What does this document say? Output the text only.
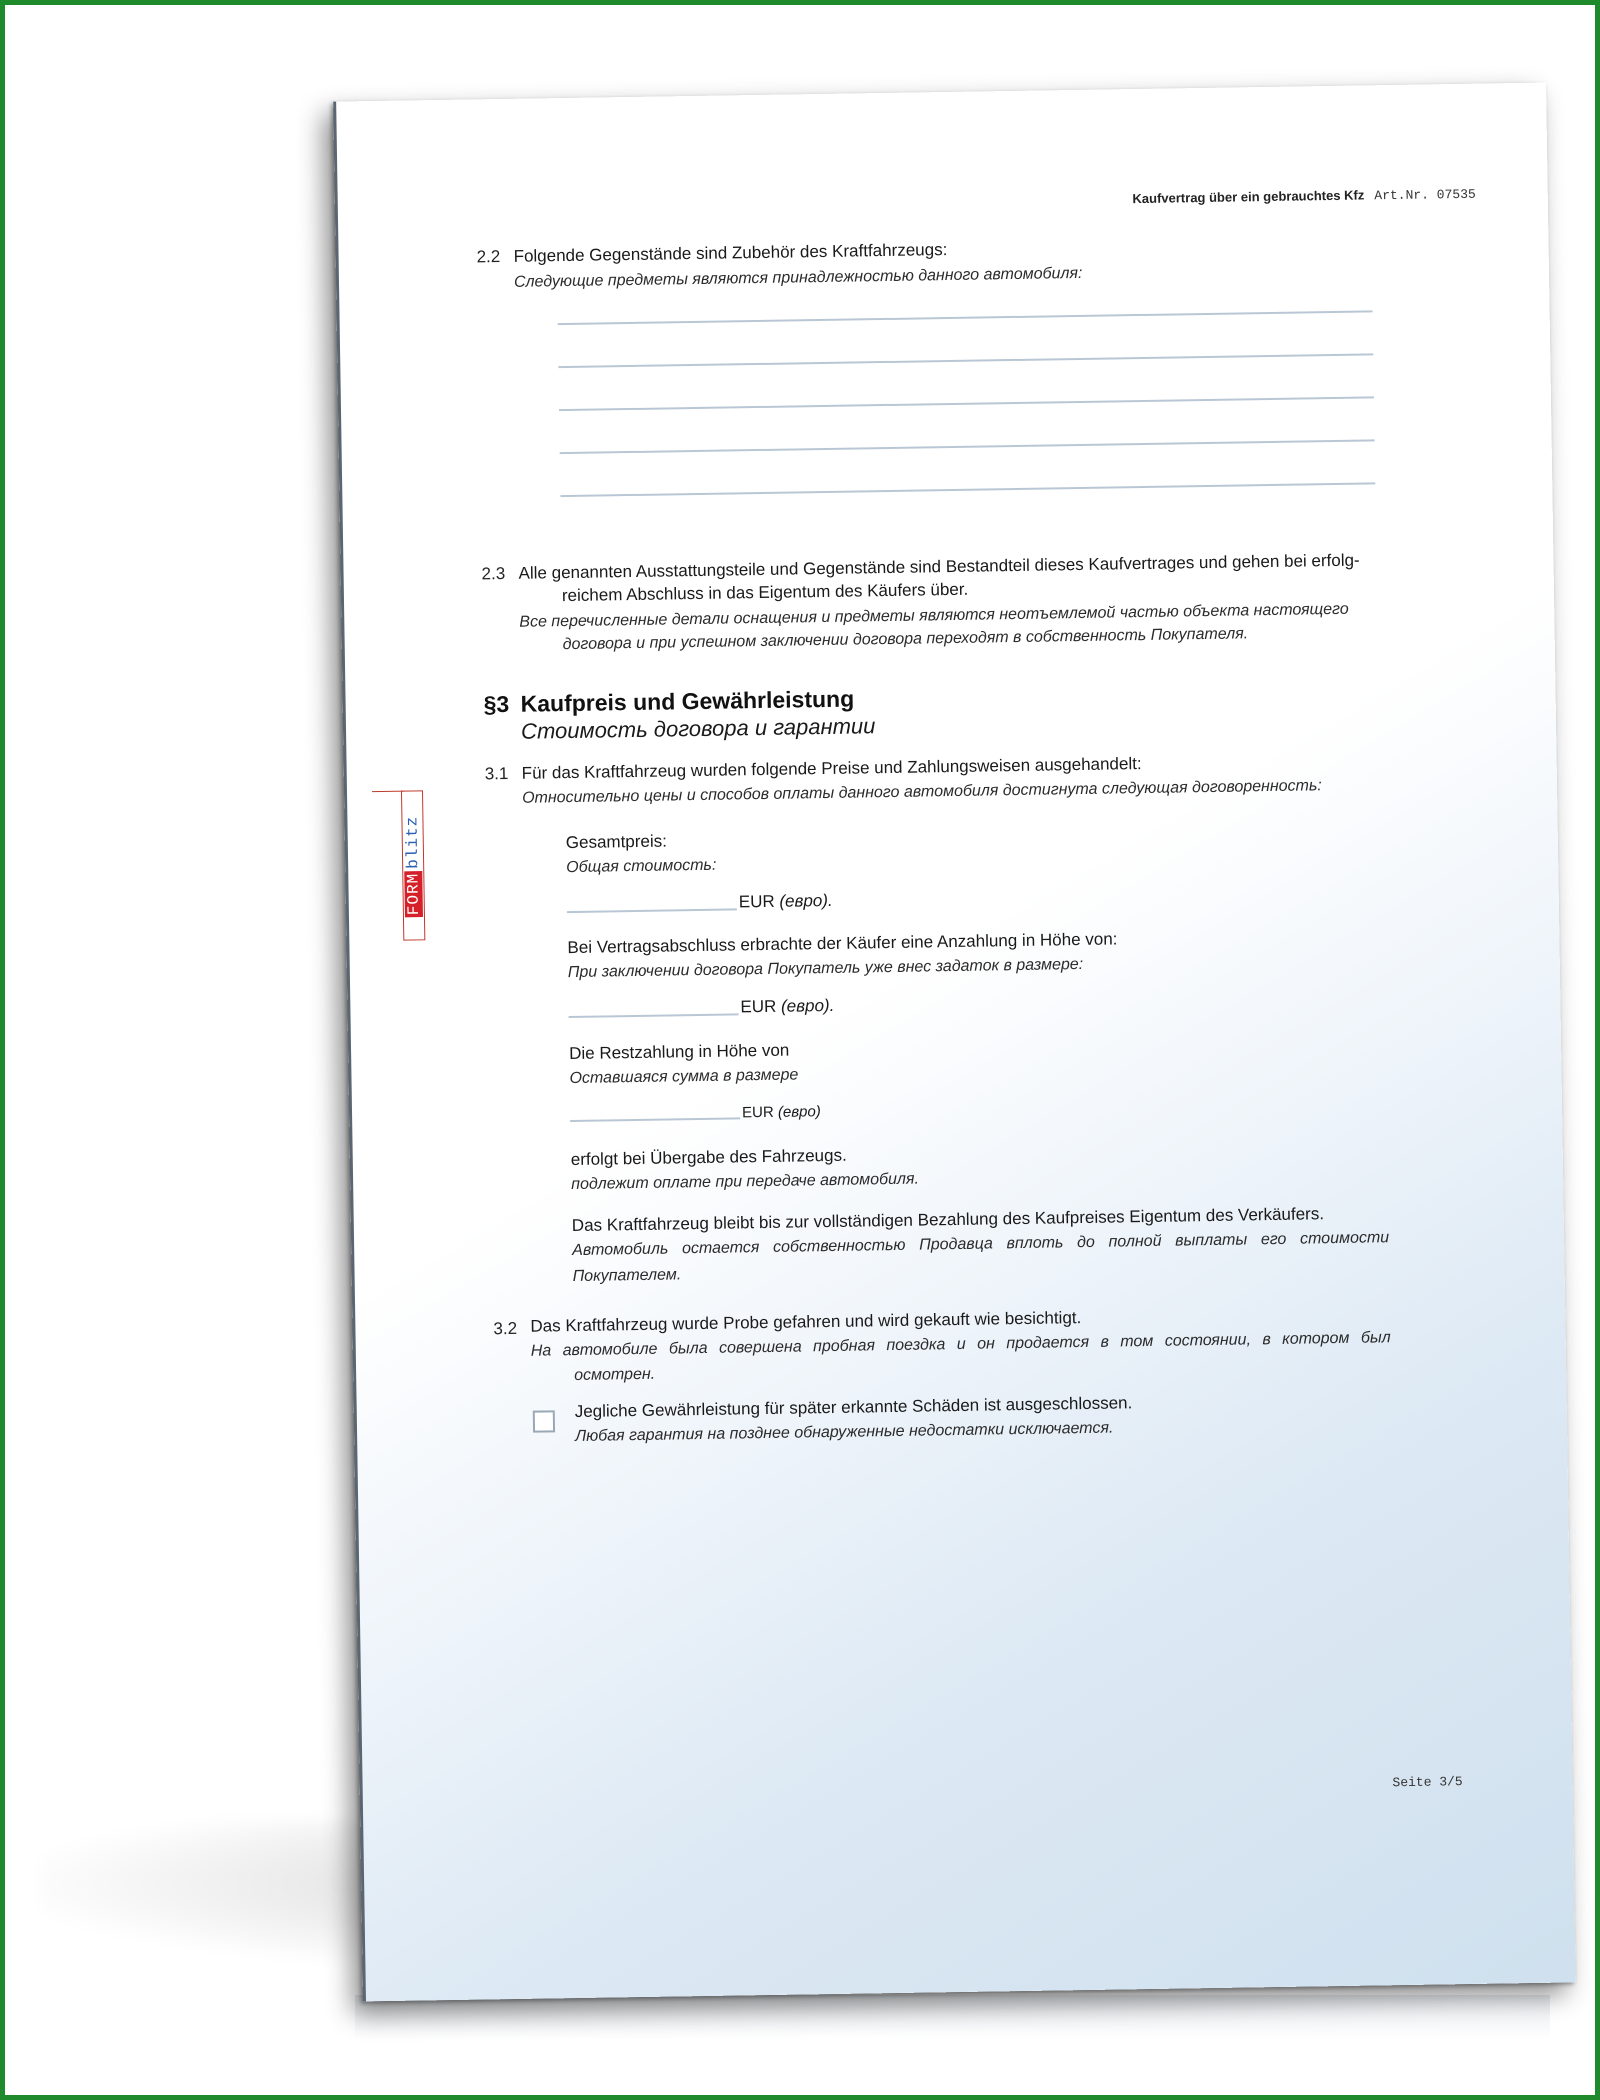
Kaufvertrag über ein gebrauchtes Kfz Art.Nr. 07535
FORMblitz
2.2 Folgende Gegenstände sind Zubehör des Kraftfahrzeugs:
Следующие предметы являются принадлежностью данного автомобиля:
2.3 Alle genannten Ausstattungsteile und Gegenstände sind Bestandteil dieses Kaufvertrages und gehen bei erfolg-
reichem Abschluss in das Eigentum des Käufers über.
Все перечисленные детали оснащения и предметы являются неотъемлемой частью объекта настоящего
договора и при успешном заключении договора переходят в собственность Покупателя.
§3 Kaufpreis und Gewährleistung
Стоимость договора и гарантии
3.1 Für das Kraftfahrzeug wurden folgende Preise und Zahlungsweisen ausgehandelt:
Относительно цены и способов оплаты данного автомобиля достигнута следующая договоренность:
Gesamtpreis:
Общая стоимость:
EUR (евро).
Bei Vertragsabschluss erbrachte der Käufer eine Anzahlung in Höhe von:
При заключении договора Покупатель уже внес задаток в размере:
EUR (евро).
Die Restzahlung in Höhe von
Оставшаяся сумма в размере
EUR (евро)
erfolgt bei Übergabe des Fahrzeugs.
подлежит оплате при передаче автомобиля.
Das Kraftfahrzeug bleibt bis zur vollständigen Bezahlung des Kaufpreises Eigentum des Verkäufers.
Автомобиль остается собственностью Продавца вплоть до полной выплаты его стоимости
Покупателем.
3.2 Das Kraftfahrzeug wurde Probe gefahren und wird gekauft wie besichtigt.
На автомобиле была совершена пробная поездка и он продается в том состоянии, в котором был
осмотрен.
Jegliche Gewährleistung für später erkannte Schäden ist ausgeschlossen.
Любая гарантия на позднее обнаруженные недостатки исключается.
Seite 3/5
